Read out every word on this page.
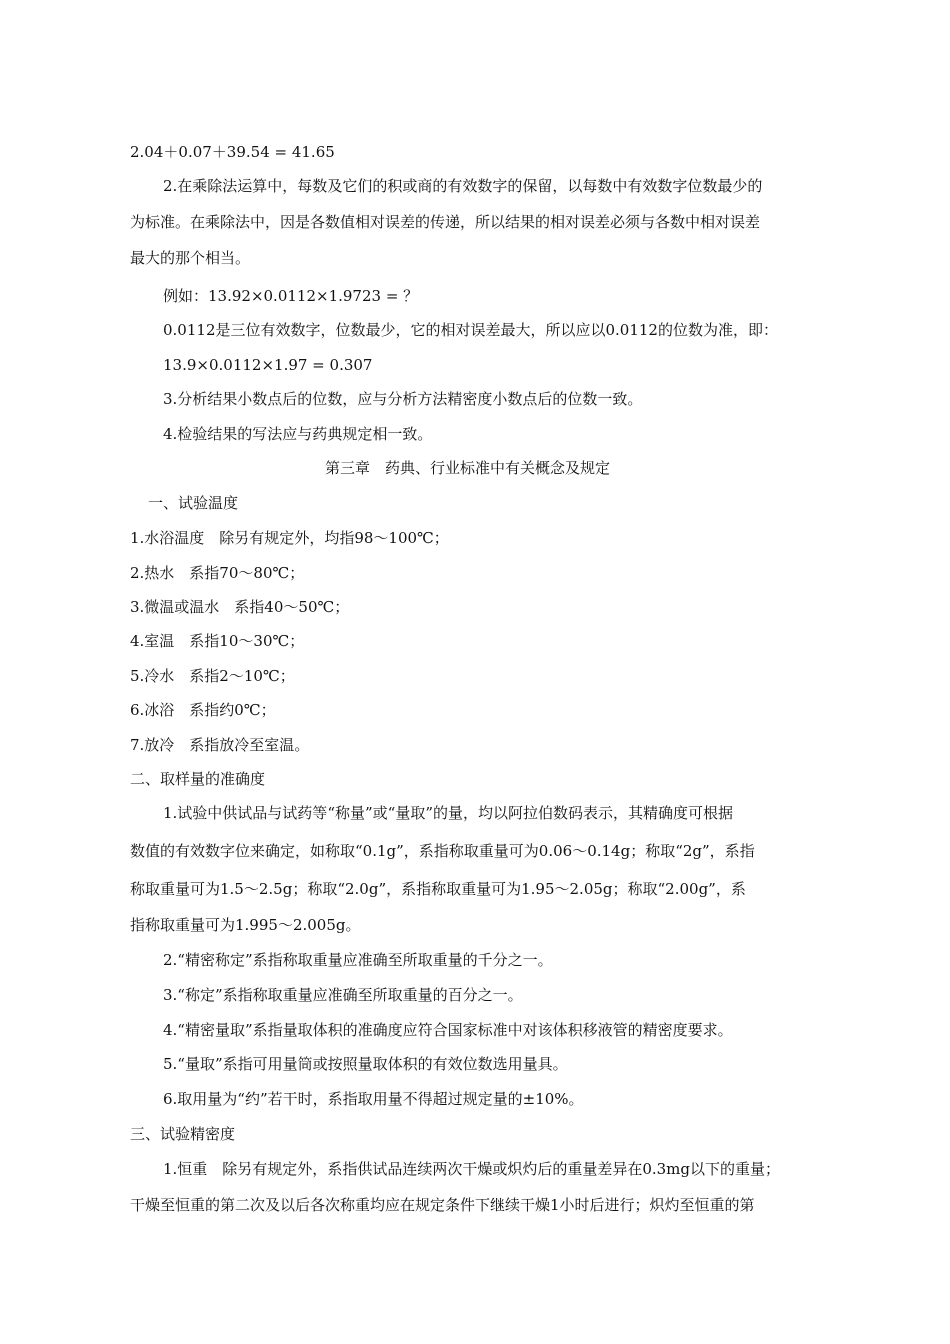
2.04＋0.07＋39.54 = 41.65
2.在乘除法运算中，每数及它们的积或商的有效数字的保留，以每数中有效数字位数最少的
为标准。在乘除法中，因是各数值相对误差的传递，所以结果的相对误差必须与各数中相对误差
最大的那个相当。
例如：13.92×0.0112×1.9723 = ？
0.0112是三位有效数字，位数最少，它的相对误差最大，所以应以0.0112的位数为准，即：
13.9×0.0112×1.97 = 0.307
3.分析结果小数点后的位数，应与分析方法精密度小数点后的位数一致。
4.检验结果的写法应与药典规定相一致。
第三章　药典、行业标准中有关概念及规定
一、试验温度
1.水浴温度　除另有规定外，均指98～100℃；
2.热水　系指70～80℃；
3.微温或温水　系指40～50℃；
4.室温　系指10～30℃；
5.冷水　系指2～10℃；
6.冰浴　系指约0℃；
7.放冷　系指放冷至室温。
二、取样量的准确度
1.试验中供试品与试药等“称量”或“量取”的量，均以阿拉伯数码表示，其精确度可根据
数值的有效数字位来确定，如称取“0.1g”，系指称取重量可为0.06～0.14g；称取“2g”，系指
称取重量可为1.5～2.5g；称取“2.0g”，系指称取重量可为1.95～2.05g；称取“2.00g”，系
指称取重量可为1.995～2.005g。
2.“精密称定”系指称取重量应准确至所取重量的千分之一。
3.“称定”系指称取重量应准确至所取重量的百分之一。
4.“精密量取”系指量取体积的准确度应符合国家标准中对该体积移液管的精密度要求。
5.“量取”系指可用量筒或按照量取体积的有效位数选用量具。
6.取用量为“约”若干时，系指取用量不得超过规定量的±10%。
三、试验精密度
1.恒重　除另有规定外，系指供试品连续两次干燥或炽灼后的重量差异在0.3mg以下的重量；
干燥至恒重的第二次及以后各次称重均应在规定条件下继续干燥1小时后进行；炽灼至恒重的第
